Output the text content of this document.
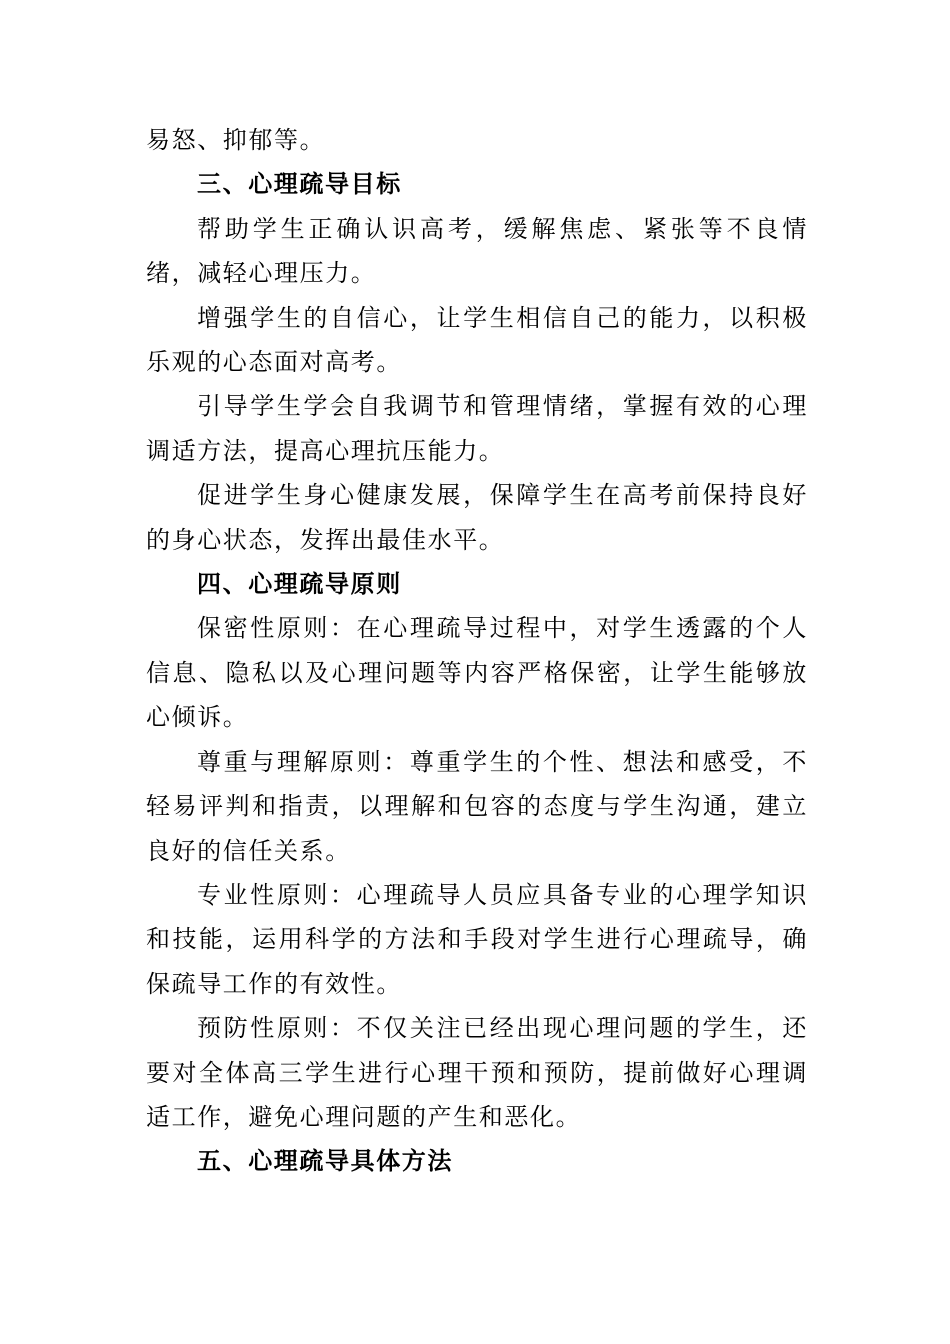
易怒、抑郁等。

三、心理疏导目标

帮助学生正确认识高考，缓解焦虑、紧张等不良情绪，减轻心理压力。

增强学生的自信心，让学生相信自己的能力，以积极乐观的心态面对高考。

引导学生学会自我调节和管理情绪，掌握有效的心理调适方法，提高心理抗压能力。

促进学生身心健康发展，保障学生在高考前保持良好的身心状态，发挥出最佳水平。

四、心理疏导原则

保密性原则：在心理疏导过程中，对学生透露的个人信息、隐私以及心理问题等内容严格保密，让学生能够放心倾诉。

尊重与理解原则：尊重学生的个性、想法和感受，不轻易评判和指责，以理解和包容的态度与学生沟通，建立良好的信任关系。

专业性原则：心理疏导人员应具备专业的心理学知识和技能，运用科学的方法和手段对学生进行心理疏导，确保疏导工作的有效性。

预防性原则：不仅关注已经出现心理问题的学生，还要对全体高三学生进行心理干预和预防，提前做好心理调适工作，避免心理问题的产生和恶化。

五、心理疏导具体方法
